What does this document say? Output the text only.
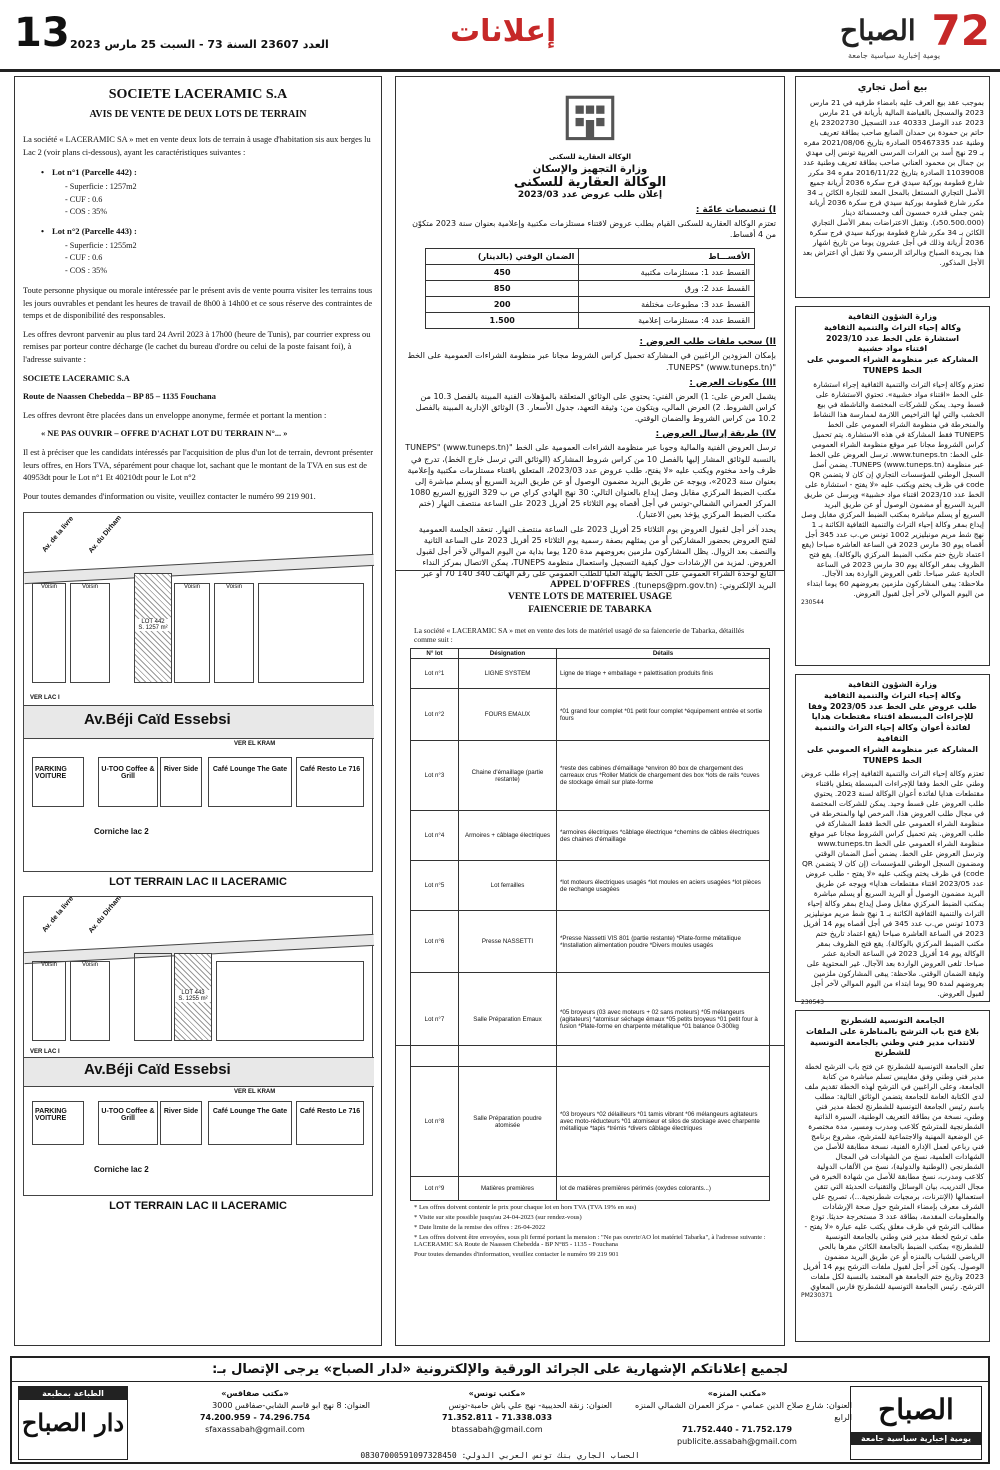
13 العدد 23607 السنة 73 - السبت 25 مارس 2023	إعلانات	72
الصباح
يومية إخبارية سياسية جامعة
SOCIETE LACERAMIC S.A
AVIS DE VENTE DE DEUX LOTS DE TERRAIN

La société « LACERAMIC SA » met en vente deux lots de terrain à usage d'habitation sis aux berges lu Lac 2 (voir plans ci-dessous), ayant les caractéristiques suivantes :

• Lot n°1 (Parcelle 442) :
- Superficie : 1257m2
- CUF : 0.6
- COS : 35%
• Lot n°2 (Parcelle 443) :
- Superficie : 1255m2
- CUF : 0.6
- COS : 35%

Toute personne physique ou morale intéressée par le présent avis de vente pourra visiter les terrains tous les jours ouvrables et pendant les heures de travail de 8h00 à 14h00 et ce sous réserve des contraintes de temps et de disponibilité des responsables.

Les offres devront parvenir au plus tard 24 Avril 2023 à 17h00 (heure de Tunis), par courrier express ou remises par porteur contre décharge (le cachet du bureau d'ordre ou celui de la poste faisant foi), à l'adresse suivante :

SOCIETE LACERAMIC S.A

Route de Naassen Chebedda – BP 85 – 1135 Fouchana

Les offres devront être placées dans un enveloppe anonyme, fermée et portant la mention :

« NE PAS OUVRIR – OFFRE D'ACHAT LOT DU TERRAIN N°... »

Il est à préciser que les candidats intéressés par l'acquisition de plus d'un lot de terrain, devront présenter leurs offres, en Hors TVA, séparément pour chaque lot, sachant que le montant de la TVA en sus est de 40953dt pour le Lot n°1 Et 40210dt pour le Lot n°2

Pour toutes demandes d'information ou visite, veuillez contacter le numéro 99 219 901.

Av. de la livre Av. du Dirham
Voisin	Voisin
LOT 442
S. 1257 m²
Voisin	Voisin
VER LAC I
Av.Béji Caïd Essebsi
VER EL KRAM
PARKING VOITURE
U-TOO Coffee & Grill
River Side	Café Lounge The Gate	Café Resto Le 716
Corniche lac 2
LOT TERRAIN LAC II LACERAMIC
Av. de la livre Av. du Dirham
Voisin	Voisin
LOT 443
S. 1255 m²
VER LAC I
Av.Béji Caïd Essebsi
VER EL KRAM
PARKING VOITURE
U-TOO Coffee & Grill
River Side	Café Lounge The Gate	Café Resto Le 716
Corniche lac 2
LOT TERRAIN LAC II LACERAMIC
الوكالة العقارية للسكنى
وزارة التجهيز والإسكان
الوكالة العقارية للسكنى
إعلان طلب عروض عدد 2023/03
I) تنصيصات عامّة :

تعتزم الوكالة العقارية للسكنى القيام بطلب عروض لاقتناء مستلزمات مكتبية وإعلامية بعنوان سنة 2023 متكوّن من 4 أقساط.

الأقســـاط	الضمان الوقتي (بالدينار)
القسط عدد 1: مستلزمات مكتبية	450
القسط عدد 2: ورق	850
القسط عدد 3: مطبوعات مختلفة	200
القسط عدد 4: مستلزمات إعلامية	1.500
II) سحب ملفات طلب العروض :

بإمكان المزودين الراغبين في المشاركة تحميل كراس الشروط مجانا عبر منظومة الشراءات العمومية على الخط "TUNEPS" (www.tuneps.tn).

III) مكونات العرض :

يشمل العرض على: 1) العرض الفني: يحتوي على الوثائق المتعلقة بالمؤهلات الفنية المبينة بالفصل 10.3 من كراس الشروط. 2) العرض المالي، ويتكون من: وثيقة التعهد، جدول الأسعار. 3) الوثائق الإدارية المبينة بالفصل 10.2 من كراس الشروط والضمان الوقتي.

IV) طريقة إرسال العروض :

ترسل العروض الفنية والمالية وجوبا عبر منظومة الشراءات العمومية على الخط "TUNEPS" (www.tuneps.tn) بالنسبة للوثائق المشار إليها بالفصل 10 من كراس شروط المشاركة (الوثائق التي ترسل خارج الخط)، تدرج في ظرف واحد مختوم ويكتب عليه «لا يفتح، طلب عروض عدد 2023/03، المتعلق باقتناء مستلزمات مكتبية وإعلامية بعنوان سنة 2023»، ويوجه عن طريق البريد مضمون الوصول أو عن طريق البريد السريع أو يسلم مباشرة إلى مكتب الضبط المركزي مقابل وصل إيداع بالعنوان التالي: 30 نهج الهادي كراي ص ب 329 التوزيع السريع 1080 المركز العمراني الشمالي-تونس في أجل أقصاه يوم الثلاثاء 25 أفريل 2023 على الساعة منتصف النهار (ختم مكتب الضبط المركزي يؤخذ بعين الاعتبار).

يحدد آخر أجل لقبول العروض يوم الثلاثاء 25 أفريل 2023 على الساعة منتصف النهار. تنعقد الجلسة العمومية لفتح العروض بحضور المشاركين أو من يمثلهم بصفة رسمية يوم الثلاثاء 25 أفريل 2023 على الساعة الثانية والنصف بعد الزوال. يظل المشاركون ملزمين بعروضهم مدة 120 يوما بداية من اليوم الموالي لآخر أجل لقبول العروض. لمزيد من الإرشادات حول كيفية التسجيل واستعمال منظومة TUNEPS، يمكن الاتصال بمركز النداء التابع لوحدة الشراء العمومي على الخط بالهيئة العليا للطلب العمومي على رقم الهاتف 340 140 70 أو عبر البريد الإلكتروني: (tuneps@pm.gov.tn).

APPEL D'OFFRES
VENTE LOTS DE MATERIEL USAGE
FAIENCERIE DE TABARKA

La société « LACERAMIC SA » met en vente des lots de matériel usagé de sa faiencerie de Tabarka, détaillés comme suit :

N° lot	Désignation	Détails
Lot n°1	LIGNE SYSTEM	Ligne de triage + emballage + palettisation produits finis
Lot n°2	FOURS EMAUX	*01 grand four complet *01 petit four complet *équipement entrée et sortie fours
Lot n°3	Chaine d'émaillage (partie restante)	*reste des cabines d'émaillage *environ 80 box de chargement des carreaux crus *Roller Matick de chargement des box *lots de rails *cuves de stockage émail sur plate-forme
Lot n°4	Armoires + câblage électriques	*armoires électriques *câblage électrique *chemins de câbles électriques des chaines d'émaillage
Lot n°5	Lot ferrailles	*lot moteurs électriques usagés *lot moules en aciers usagées *lot pièces de rechange usagées
Lot n°6	Presse NASSETTI	*Presse Nassetti VIS 801 (partie restante) *Plate-forme métallique *Installation alimentation poudre *Divers moules usagés
Lot n°7	Salle Préparation Emaux	*05 broyeurs (03 avec moteurs + 02 sans moteurs) *05 mélangeurs (agitateurs) *atomisur séchage émaux *05 petits broyeus *01 petit four à fusion *Plate-forme en charpente métallique *01 balance 0-300kg
Lot n°8	Salle Préparation poudre atomisée	*03 broyeurs *02 délailleurs *01 tamis vibrant *06 mélangeurs agitateurs avec moto-réducteurs *01 atomiseur et silos de stockage avec charpente métallique *tapis *trémis *divers câblage électriques
Lot n°9	Matières premières	lot de matières premières périmés (oxydes colorants...)

* Les offres doivent contenir le prix pour chaque lot en hors TVA (TVA 19% en sus)

* Visite sur site possible jusqu'au 24-04-2023 (sur rendez-vous)

* Date limite de la remise des offres : 26-04-2022

* Les offres doivent être envoyées, sous pli fermé portant la mension : "Ne pas ouvrir/AO lot matériel Tabarka", à l'adresse suivante : LACERAMIC SA Route de Naassen Chebedda - BP N°85 - 1135 - Fouchana

Pour toutes demandes d'information, veuillez contacter le numéro 99 219 901

بيع أصل تجاري

بموجب عقد بيع العرف عليه بامضاء طرفيه في 21 مارس 2023 والمسجل بالقباضة المالية بأريانة في 21 مارس 2023 عدد الوصل 40333 عدد التسجيل 23202730 باع حاتم بن حمودة بن حمدان الصابع صاحب بطاقة تعريف وطنية عدد 05467335 الصادرة بتاريخ 2021/08/06 مقره بـ 29 نهج أسد بن الفرات المرسى الغربية تونس إلى مهدي بن جمال بن محمود العناني صاحب بطاقة تعريف وطنية عدد 11039008 الصادرة بتاريخ 2016/11/22 مقره 34 مكرر شارع قطومة بوركبة سيدي فرج سكرة 2036 أريانة جميع الأصل التجاري المستغل بالمحل المعد للتجارة الكائن بـ 34 مكرر شارع قطومة بوركبة سيدي فرج سكرة 2036 أريانة بثمن جملي قدره خمسون ألف وخمسمائة دينار (50.500.000د). وتقبل الاعتراضات بمقر الأصل التجاري الكائن بـ 34 مكرر شارع قطومة بوركبة سيدي فرج سكرة 2036 أريانة وذلك في أجل عشرون يوما من تاريخ اشهار هذا بجريدة الصباح وبالرائد الرسمي ولا تقبل أي اعتراض بعد الأجل المذكور.

وزارة الشؤون الثقافية
وكالة إحياء التراث والتنمية الثقافية
استشارة على الخط عدد 2023/10
اقتناء مواد خشبية
المشاركة عبر منظومة الشراء العمومي على الخط TUNEPS

تعتزم وكالة إحياء التراث والتنمية الثقافية إجراء استشارة على الخط «اقتناء مواد خشبية». تحتوي الاستشارة على قسط وحيد. يمكن للشركات المختصة والناشطة في بيع الخشب والتي لها التراخيص اللازمة لممارسة هذا النشاط والمنخرطة في منظومة الشراء العمومي على الخط TUNEPS فقط المشاركة في هذه الاستشارة. يتم تحميل كراس الشروط مجانا عبر موقع منظومة الشراء العمومي على الخط: www.tuneps.tn. ترسل العروض على الخط عبر منظومة TUNEPS (www.tuneps.tn). يضمن أصل السجل الوطني للمؤسسات التجاري إن كان لا يتضمن QR code في ظرف يختم ويكتب عليه «لا يفتح - استشارة على الخط عدد 2023/10 اقتناء مواد خشبية» ويرسل عن طريق البريد السريع أو مضمون الوصول أو عن طريق البريد السريع أو يسلم مباشرة بمكتب الضبط المركزي مقابل وصل إيداع بمقر وكالة إحياء التراث والتنمية الثقافية الكائنة بـ 1 نهج شط مريم مونبليزير 1002 تونس ص.ب عدد 345 أجل أقصاه يوم 30 مارس 2023 في الساعة العاشرة صباحا (يقع اعتماد تاريخ ختم مكتب الضبط المركزي بالوكالة). يقع فتح الظروف بمقر الوكالة يوم 30 مارس 2023 في الساعة الحادية عشر صباحا. تلغى العروض الواردة بعد الآجال. ملاحظة: يبقى المشاركون ملزمين بعروضهم 60 يوما ابتداء من اليوم الموالي لآخر أجل لقبول العروض.

230544

وزارة الشؤون الثقافية
وكالة إحياء التراث والتنمية الثقافية
طلب عروض على الخط عدد 2023/05 وفقا للإجراءات المبسطة اقتناء مقتطعات هدايا لفائدة أعوان وكالة إحياء التراث والتنمية الثقافية
المشاركة عبر منظومة الشراء العمومي على الخط TUNEPS

تعتزم وكالة إحياء التراث والتنمية الثقافية إجراء طلب عروض وطني على الخط وفقا للإجراءات المبسطة يتعلق باقتناء مقتطعات هدايا لفائدة أعوان الوكالة لسنة 2023. يحتوي طلب العروض على قسط وحيد. يمكن للشركات المختصة في مجال طلب العروض هذا، المرخص لها والمنخرطة في منظومة الشراء العمومي على الخط فقط المشاركة في طلب العروض. يتم تحميل كراس الشروط مجانا عبر موقع منظومة الشراء العمومي على الخط www.tuneps.tn وترسل العروض على الخط. يضمن أصل الضمان الوقتي ومضمون السجل الوطني للمؤسسات (إن كان لا يتضمن QR code) في ظرف يختم ويكتب عليه «لا يفتح - طلب عروض عدد 2023/05 اقتناء مقتطعات هدايا» ويوجه عن طريق البريد مضمون الوصول أو البريد السريع أو يسلم مباشرة بمكتب الضبط المركزي مقابل وصل إيداع بمقر وكالة إحياء التراث والتنمية الثقافية الكائنة بـ 1 نهج شط مريم مونبليزير 1073 تونس ص.ب عدد 345 في أجل أقصاه يوم 14 أفريل 2023 في الساعة العاشرة صباحا (يقع اعتماد تاريخ ختم مكتب الضبط المركزي بالوكالة). يقع فتح الظروف بمقر الوكالة يوم 14 أفريل 2023 في الساعة الحادية عشر صباحا. تلغى العروض الواردة بعد الآجال. غير المحتوية على وثيقة الضمان الوقتي. ملاحظة: يبقى المشاركون ملزمين بعروضهم لمدة 90 يوما ابتداء من اليوم الموالي لآخر أجل لقبول العروض.

230543

الجامعة التونسية للشطرنج
بلاغ فتح باب الترشح بالمناظرة على الملفات لانتداب مدير فني وطني بالجامعة التونسية للشطرنج

تعلن الجامعة التونسية للشطرنج عن فتح باب الترشح لخطة مدير فني وطني وفق مقاييس تسلم مباشرة من كتابة الجامعة، وعلى الراغبين في الترشح لهذه الخطة تقديم ملف لدى الكتابة العامة للجامعة يتضمن الوثائق التالية: مطلب باسم رئيس الجامعة التونسية للشطرنج لخطة مدير فني وطني، نسخة من بطاقة التعريف الوطنية، السيرة الذاتية الشطرنجية للمترشح كلاعب ومدرب ومسير، مدة مختصرة عن الوضعية المهنية والاجتماعية للمترشح، مشروع برنامج فني رباعي لعمل الإدارة الفنية، نسخة مطابقة للأصل من الشهادات العلمية، نسخ من الشهادات في المجال الشطرنجي (الوطنية والدولية)، نسخ من الألقاب الدولية كلاعب ومدرب، نسخ مطابقة للأصل من شهادة الخبرة في مجال التدريب، بيان الوسائل والتقنيات الحديثة التي تتقن استعمالها (الإنترنات، برمجيات شطرنجية...)، تصريح على الشرف معرف بإمضاء المترشح حول صحة الإرشادات والمعلومات المقدمة، بطاقة عدد 3 مستخرجة حديثا. تودع مطالب الترشح في ظرف مغلق يكتب عليه عبارة «لا يفتح - ملف ترشح لخطة مدير فني وطني بالجامعة التونسية للشطرنج» بمكتب الضبط بالجامعة الكائن مقرها بالحي الرياضي للشباب بالمنزه أو عن طريق البريد مضمون الوصول. يكون آخر أجل لقبول ملفات الترشح يوم 14 أفريل 2023 وتاريخ ختم الجامعة هو المعتمد بالنسبة لكل ملفات الترشح. رئيس الجامعة التونسية للشطرنج فارس المعاوي

PM230371

لجميع إعلاناتكم الإشهارية على الجرائد الورقية والإلكترونية «لدار الصباح» يرجى الإتصال بـ:
الصباح
يومية إخبارية سياسية جامعة
«مكتب المنزه»
العنوان: شارع صلاح الدين عمامي - مركز العمران الشمالي المنزه الرابع
71.752.179 - 71.752.440
publicite.assabah@gmail.com
«مكتب تونس»
العنوان: زنقة الحديبية- نهج علي باش حامبة-تونس
71.338.033 - 71.352.811
btassabah@gmail.com
«مكتب صفاقس»
العنوان: 8 نهج ابو قاسم الشابي-صفاقس 3000
74.296.754 - 74.200.959
sfaxassabah@gmail.com
الطباعة بمطبعة
دار الصباح
الحساب الجاري بنك تونس العربي الدولي: 08307000591097328450
